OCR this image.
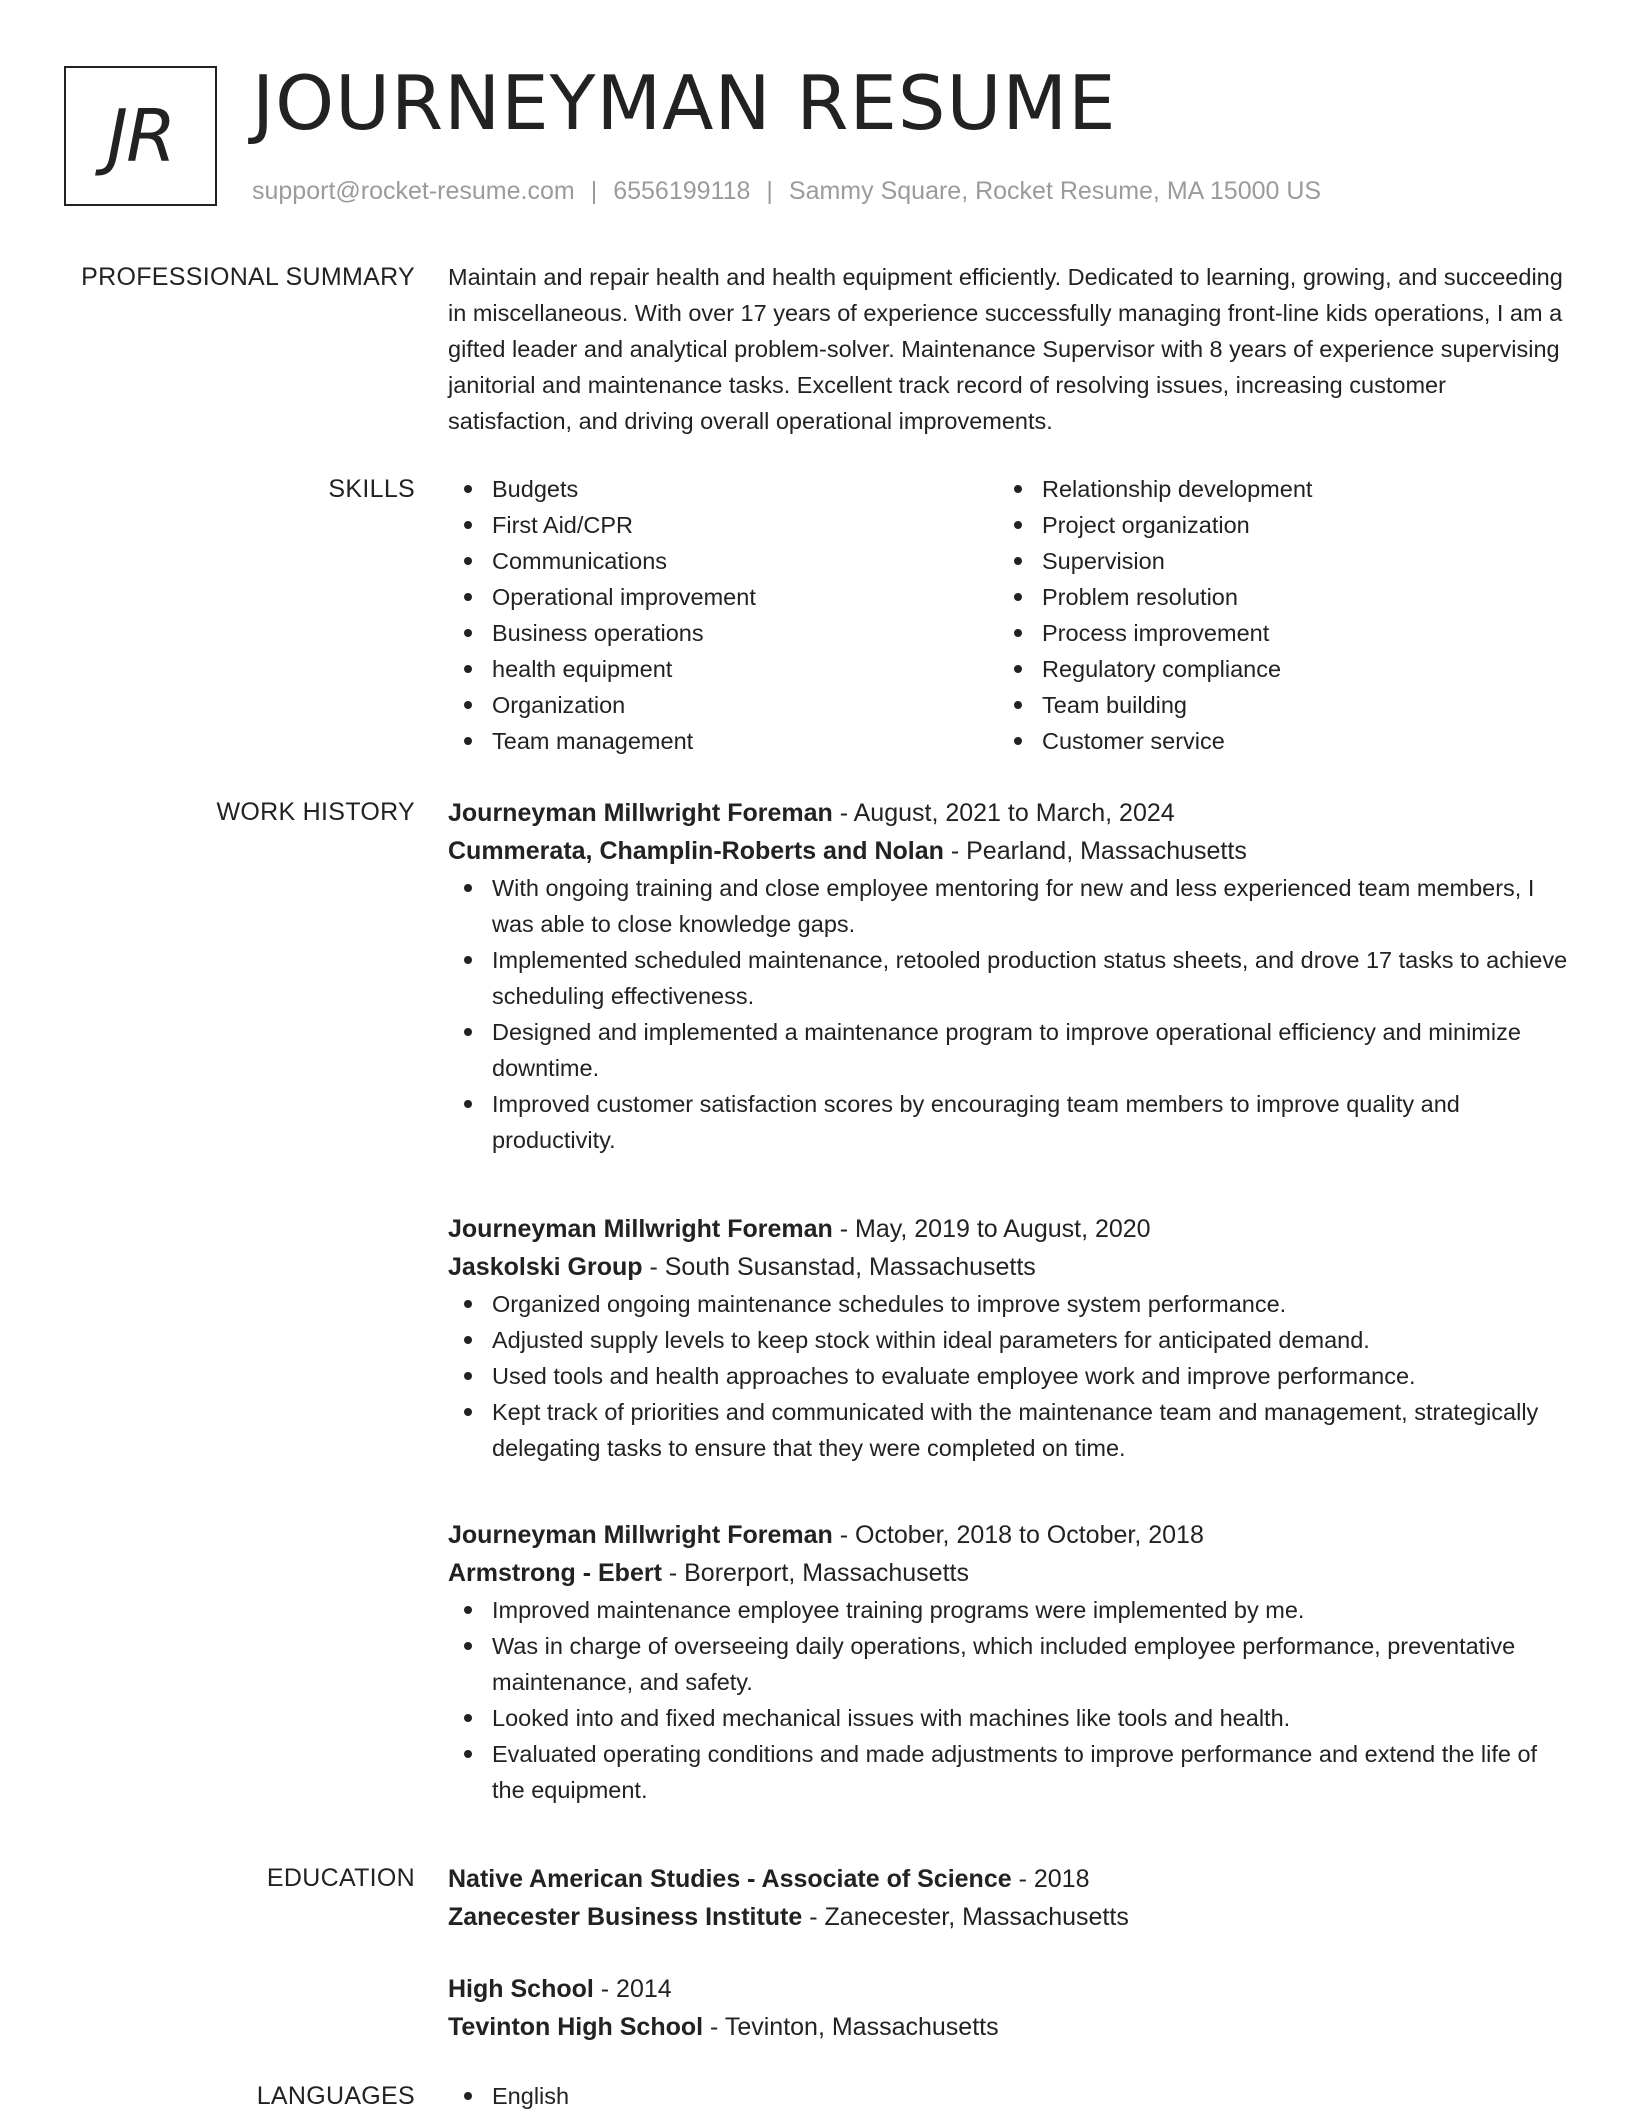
JR	JOURNEYMAN RESUME
support@rocket-resume.com | 6556199118 | Sammy Square, Rocket Resume, MA 15000 US
PROFESSIONAL SUMMARY Maintain and repair health and health equipment efficiently. Dedicated to learning, growing, and succeeding in miscellaneous. With over 17 years of experience successfully managing front-line kids operations, I am a gifted leader and analytical problem-solver. Maintenance Supervisor with 8 years of experience supervising janitorial and maintenance tasks. Excellent track record of resolving issues, increasing customer satisfaction, and driving overall operational improvements.

SKILLS	Budgets
First Aid/CPR
Communications
Operational improvement
Business operations
health equipment
Organization
Team management
Relationship development
Project organization
Supervision
Problem resolution
Process improvement
Regulatory compliance
Team building
Customer service
WORK HISTORY Journeyman Millwright Foreman - August, 2021 to March, 2024
Cummerata, Champlin-Roberts and Nolan - Pearland, Massachusetts
With ongoing training and close employee mentoring for new and less experienced team members, I was able to close knowledge gaps.
Implemented scheduled maintenance, retooled production status sheets, and drove 17 tasks to achieve scheduling effectiveness.
Designed and implemented a maintenance program to improve operational efficiency and minimize downtime.
Improved customer satisfaction scores by encouraging team members to improve quality and productivity.
Journeyman Millwright Foreman - May, 2019 to August, 2020
Jaskolski Group - South Susanstad, Massachusetts
Organized ongoing maintenance schedules to improve system performance.
Adjusted supply levels to keep stock within ideal parameters for anticipated demand.
Used tools and health approaches to evaluate employee work and improve performance.
Kept track of priorities and communicated with the maintenance team and management, strategically delegating tasks to ensure that they were completed on time.
Journeyman Millwright Foreman - October, 2018 to October, 2018
Armstrong - Ebert - Borerport, Massachusetts
Improved maintenance employee training programs were implemented by me.
Was in charge of overseeing daily operations, which included employee performance, preventative maintenance, and safety.
Looked into and fixed mechanical issues with machines like tools and health.
Evaluated operating conditions and made adjustments to improve performance and extend the life of the equipment.
EDUCATION Native American Studies - Associate of Science - 2018
Zanecester Business Institute - Zanecester, Massachusetts
High School - 2014
Tevinton High School - Tevinton, Massachusetts
LANGUAGES	English
